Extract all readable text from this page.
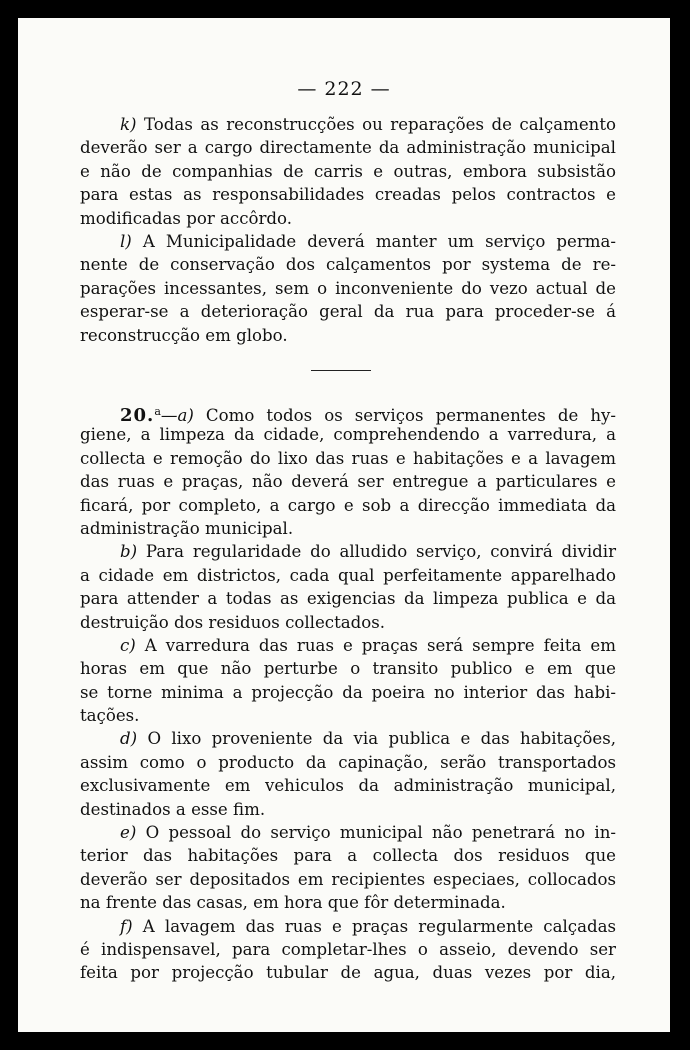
— 222 —
k) Todas as reconstrucções ou reparações de calçamento
deverão ser a cargo directamente da administração municipal
e não de companhias de carris e outras, embora subsistão
para estas as responsabilidades creadas pelos contractos e
modificadas por accôrdo.
l) A Municipalidade deverá manter um serviço perma-
nente de conservação dos calçamentos por systema de re-
parações incessantes, sem o inconveniente do vezo actual de
esperar-se a deterioração geral da rua para proceder-se á
reconstrucção em globo.
20.$^a$—a) Como todos os serviços permanentes de hy-
giene, a limpeza da cidade, comprehendendo a varredura, a
collecta e remoção do lixo das ruas e habitações e a lavagem
das ruas e praças, não deverá ser entregue a particulares e
ficará, por completo, a cargo e sob a direcção immediata da
administração municipal.
b) Para regularidade do alludido serviço, convirá dividir
a cidade em districtos, cada qual perfeitamente apparelhado
para attender a todas as exigencias da limpeza publica e da
destruição dos residuos collectados.
c) A varredura das ruas e praças será sempre feita em
horas em que não perturbe o transito publico e em que
se torne minima a projecção da poeira no interior das habi-
tações.
d) O lixo proveniente da via publica e das habitações,
assim como o producto da capinação, serão transportados
exclusivamente em vehiculos da administração municipal,
destinados a esse fim.
e) O pessoal do serviço municipal não penetrará no in-
terior das habitações para a collecta dos residuos que
deverão ser depositados em recipientes especiaes, collocados
na frente das casas, em hora que fôr determinada.
f) A lavagem das ruas e praças regularmente calçadas
é indispensavel, para completar-lhes o asseio, devendo ser
feita por projecção tubular de agua, duas vezes por dia,
